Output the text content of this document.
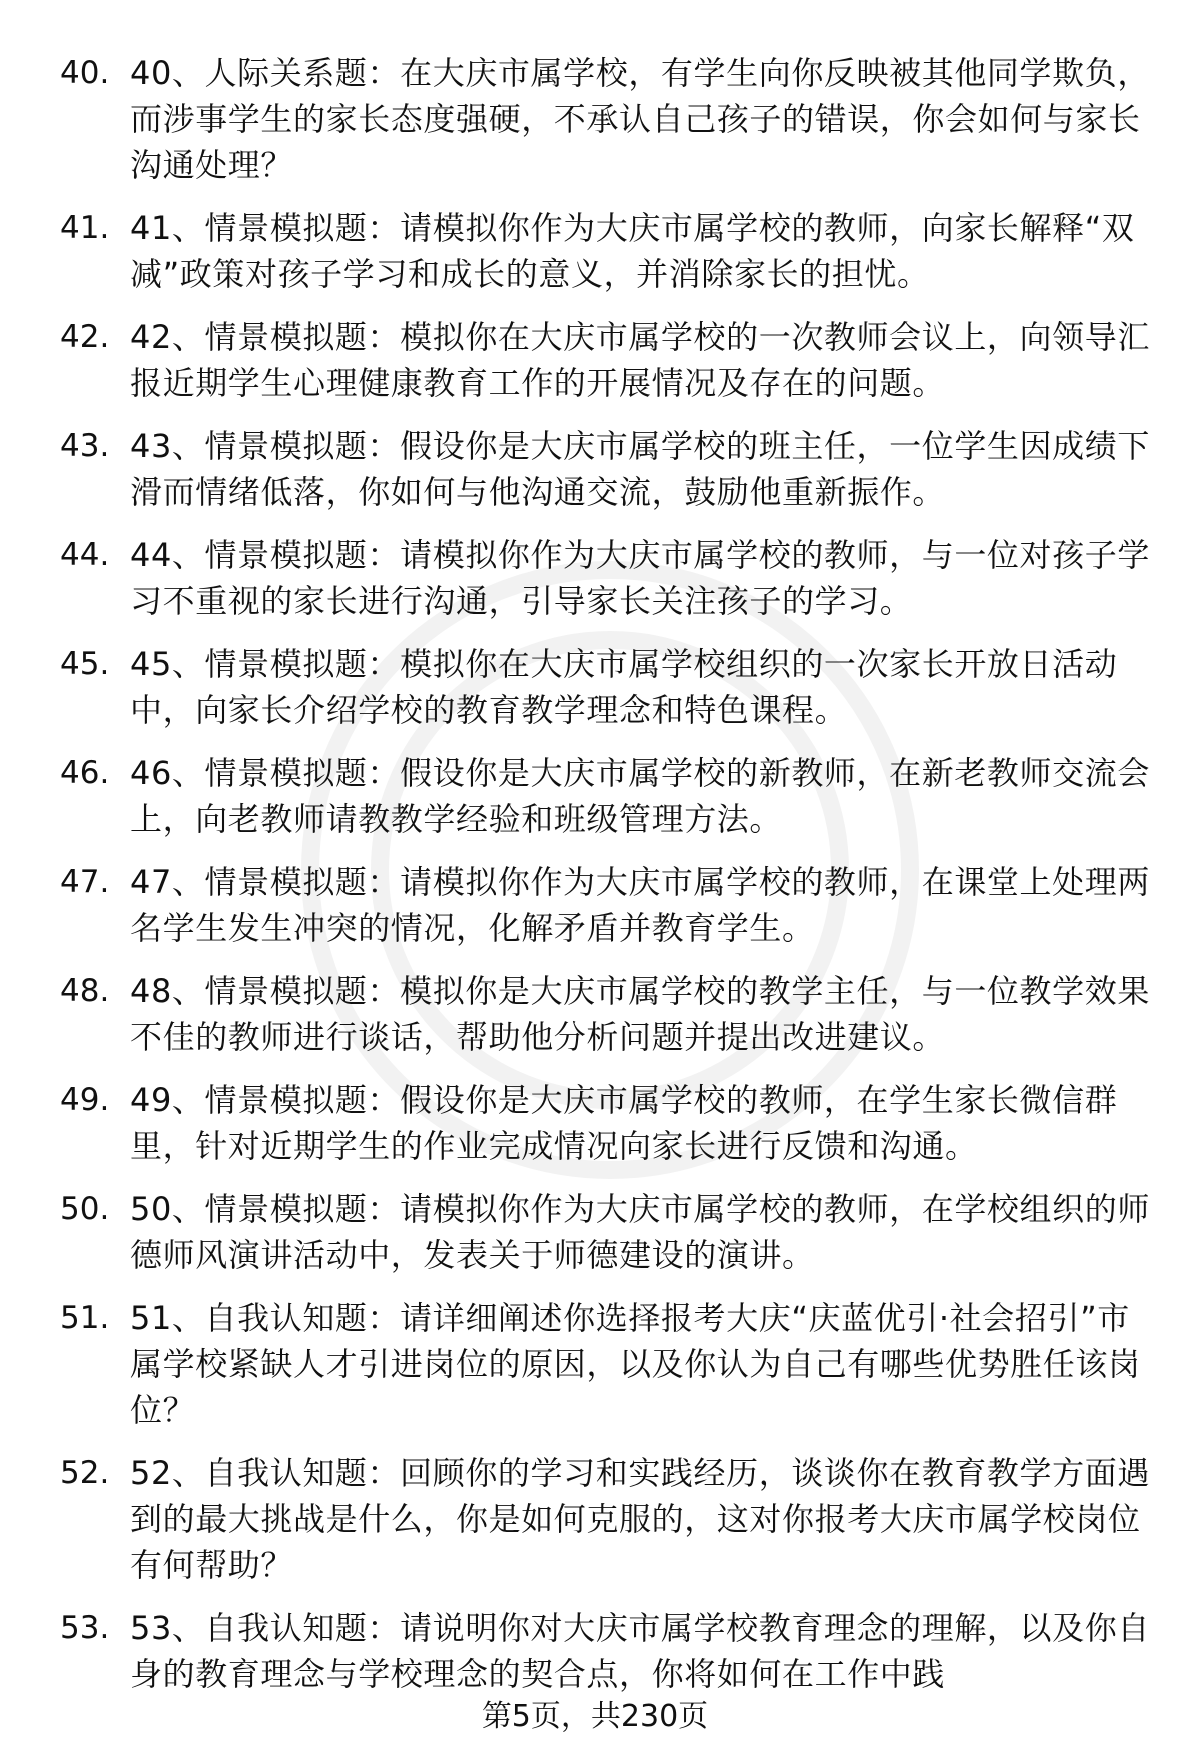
40. 40、人际关系题：在大庆市属学校，有学生向你反映被其他同学欺负，而涉事学生的家长态度强硬，不承认自己孩子的错误，你会如何与家长沟通处理？
41. 41、情景模拟题：请模拟你作为大庆市属学校的教师，向家长解释“双减”政策对孩子学习和成长的意义，并消除家长的担忧。
42. 42、情景模拟题：模拟你在大庆市属学校的一次教师会议上，向领导汇报近期学生心理健康教育工作的开展情况及存在的问题。
43. 43、情景模拟题：假设你是大庆市属学校的班主任，一位学生因成绩下滑而情绪低落，你如何与他沟通交流，鼓励他重新振作。
44. 44、情景模拟题：请模拟你作为大庆市属学校的教师，与一位对孩子学习不重视的家长进行沟通，引导家长关注孩子的学习。
45. 45、情景模拟题：模拟你在大庆市属学校组织的一次家长开放日活动中，向家长介绍学校的教育教学理念和特色课程。
46. 46、情景模拟题：假设你是大庆市属学校的新教师，在新老教师交流会上，向老教师请教教学经验和班级管理方法。
47. 47、情景模拟题：请模拟你作为大庆市属学校的教师，在课堂上处理两名学生发生冲突的情况，化解矛盾并教育学生。
48. 48、情景模拟题：模拟你是大庆市属学校的教学主任，与一位教学效果不佳的教师进行谈话，帮助他分析问题并提出改进建议。
49. 49、情景模拟题：假设你是大庆市属学校的教师，在学生家长微信群里，针对近期学生的作业完成情况向家长进行反馈和沟通。
50. 50、情景模拟题：请模拟你作为大庆市属学校的教师，在学校组织的师德师风演讲活动中，发表关于师德建设的演讲。
51. 51、自我认知题：请详细阐述你选择报考大庆“庆蓝优引·社会招引”市属学校紧缺人才引进岗位的原因，以及你认为自己有哪些优势胜任该岗位？
52. 52、自我认知题：回顾你的学习和实践经历，谈谈你在教育教学方面遇到的最大挑战是什么，你是如何克服的，这对你报考大庆市属学校岗位有何帮助？
53. 53、自我认知题：请说明你对大庆市属学校教育理念的理解，以及你自身的教育理念与学校理念的契合点，你将如何在工作中践
第5页，共230页
